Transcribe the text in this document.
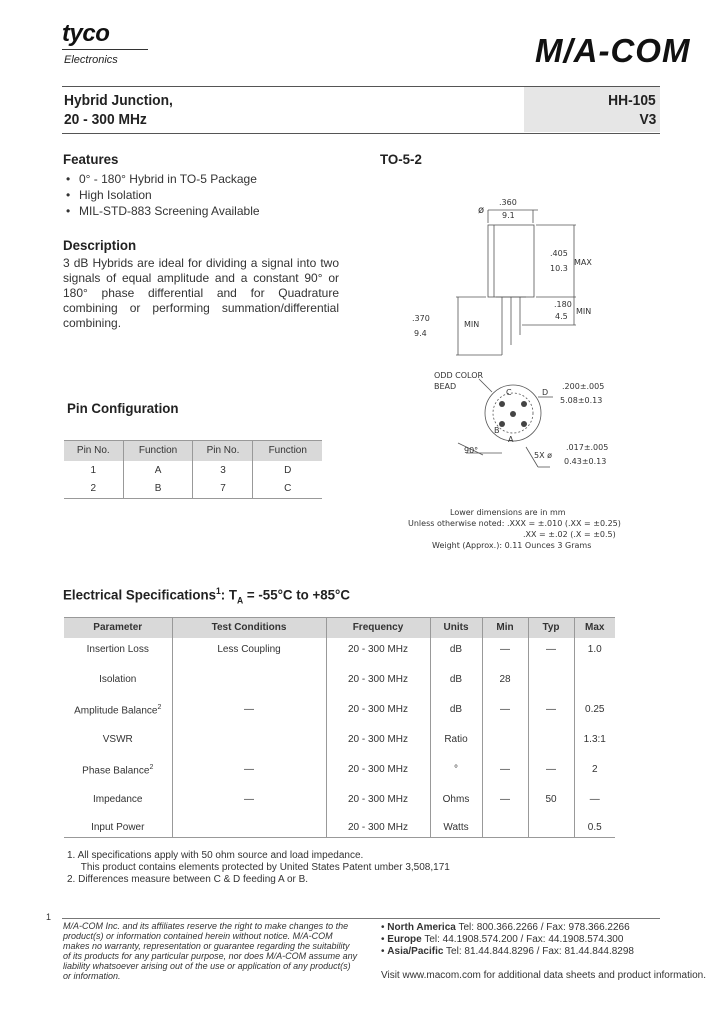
tyco
Electronics	M/A-COM
Hybrid Junction,
20 - 300 MHz
HH-105
V3
Features
• 0° - 180° Hybrid in TO-5 Package
• High Isolation
• MIL-STD-883 Screening Available
Description
3 dB Hybrids are ideal for dividing a signal into two signals of equal amplitude and a constant 90° or 180° phase differential and for Quadrature combining or performing summation/differential combining.
TO-5-2
ø
.360
9.1
.405
10.3
MAX
.180
4.5
MIN
.370
9.4
MIN
ODD COLOR
BEAD	.200±.005
5.08±0.13
90°
5X ø
.017±.005
0.43±0.13
D
C
B
A
Lower dimensions are in mm
Unless otherwise noted: .XXX = ±.010 (.XX = ±0.25)
.XX = ±.02 (.X = ±0.5)
Weight (Approx.): 0.11 Ounces 3 Grams
Pin Configuration
Pin No.	Function	Pin No.	Function
1	A	3	D
2	B	7	C
Electrical Specifications$^1$: $T_A = -55^\circ C$ to +85°C
Parameter	Test Conditions	Frequency	Units	Min	Typ	Max
Insertion Loss	Less Coupling	20 - 300 MHz	dB	—	—	1.0
Isolation		20 - 300 MHz	dB	28		
Amplitude Balance$^2$	—	20 - 300 MHz	dB	—	—	0.25
VSWR		20 - 300 MHz	Ratio			1.3:1
Phase Balance$^2$	—	20 - 300 MHz	°	—	—	2
Impedance	—	20 - 300 MHz	Ohms	—	50	—
Input Power		20 - 300 MHz	Watts			0.5
1. All specifications apply with 50 ohm source and load impedance.
This product contains elements protected by United States Patent umber 3,508,171
2. Differences measure between C & D feeding A or B.
1
M/A-COM Inc. and its affiliates reserve the right to make changes to the product(s) or information contained herein without notice. M/A-COM makes no warranty, representation or guarantee regarding the suitability of its products for any particular purpose, nor does M/A-COM assume any liability whatsoever arising out of the use or application of any product(s) or information.
• North America Tel: 800.366.2266 / Fax: 978.366.2266
• Europe Tel: 44.1908.574.200 / Fax: 44.1908.574.300
• Asia/Pacific Tel: 81.44.844.8296 / Fax: 81.44.844.8298
Visit www.macom.com for additional data sheets and product information.
